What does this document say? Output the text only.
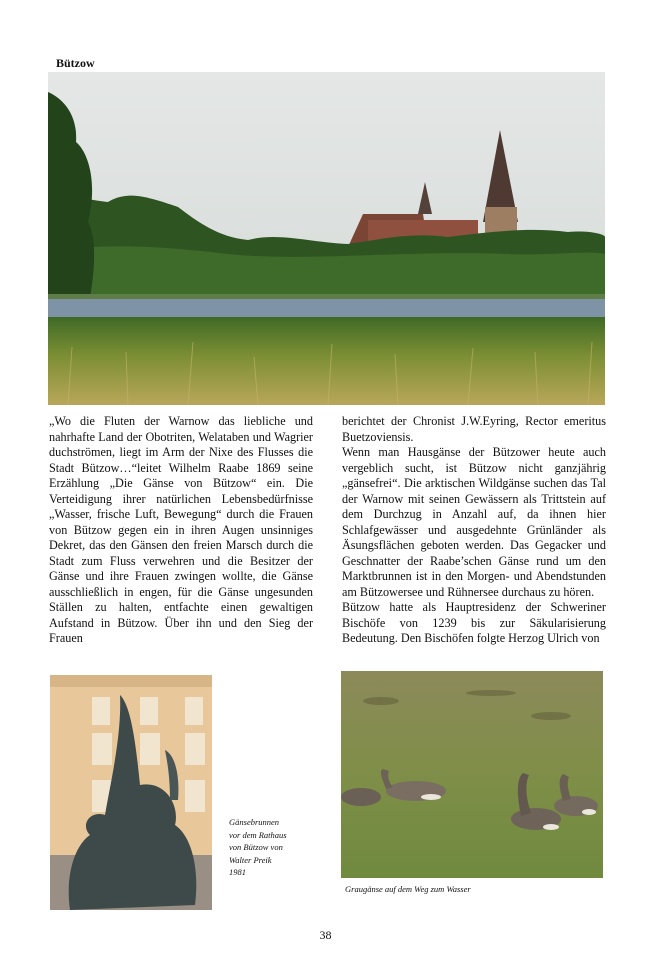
Bützow

„Wo die Fluten der Warnow das liebliche und nahrhafte Land der Obotriten, Welataben und Wagrier duchströmen, liegt im Arm der Nixe des Flusses die Stadt Bützow…“leitet Wilhelm Raabe 1869 seine Erzählung „Die Gänse von Bützow“ ein. Die Verteidigung ihrer natürlichen Lebensbedürfnisse „Wasser, frische Luft, Bewegung“ durch die Frauen von Bützow gegen ein in ihren Augen unsinniges Dekret, das den Gänsen den freien Marsch durch die Stadt zum Fluss verwehren und die Besitzer der Gänse und ihre Frauen zwingen wollte, die Gänse ausschließlich in engen, für die Gänse ungesunden Ställen zu halten, entfachte einen gewaltigen Aufstand in Bützow. Über ihn und den Sieg der Frauen

berichtet der Chronist J.W.Eyring, Rector emeritus Buetzoviensis.

Wenn man Hausgänse der Bützower heute auch vergeblich sucht, ist Bützow nicht ganzjährig „gänsefrei“. Die arktischen Wildgänse suchen das Tal der Warnow mit seinen Gewässern als Trittstein auf dem Durchzug in Anzahl auf, da ihnen hier Schlafgewässer und ausgedehnte Grünländer als Äsungsflächen geboten werden. Das Gegacker und Geschnatter der Raabe’schen Gänse rund um den Marktbrunnen ist in den Morgen- und Abendstunden am Bützowersee und Rühnersee durchaus zu hören.

Bützow hatte als Hauptresidenz der Schweriner Bischöfe von 1239 bis zur Säkularisierung Bedeutung. Den Bischöfen folgte Herzog Ulrich von

Gänsebrunnen
vor dem Rathaus
von Bützow von
Walter Preik
1981
Graugänse auf dem Weg zum Wasser
38
